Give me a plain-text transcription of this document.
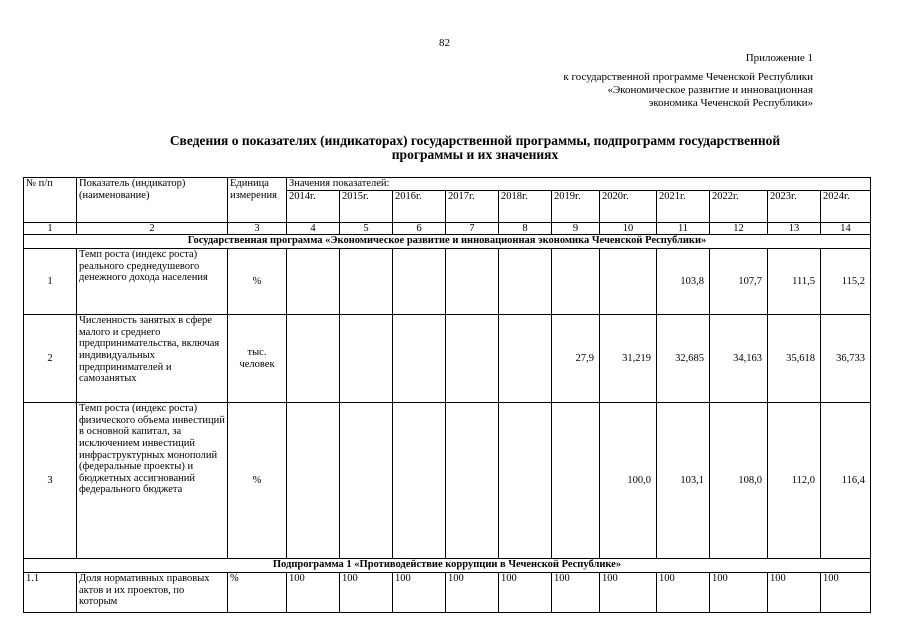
82
Приложение 1
к государственной программе Чеченской Республики «Экономическое развитие и инновационная экономика Чеченской Республики»
Сведения о показателях (индикаторах) государственной программы, подпрограмм государственной программы и их значениях
№ п/п	Показатель (индикатор) (наименование)	Единица измерения	Значения показателей:										
			2014г.	2015г.	2016г.	2017г.	2018г.	2019г.	2020г.	2021г.	2022г.	2023г.	2024г.
1	2	3	4	5	6	7	8	9	10	11	12	13	14
Государственная программа «Экономическое развитие и инновационная экономика Чеченской Республики»													
1	Темп роста (индекс роста) реального среднедушевого денежного дохода населения	%								103,8	107,7	111,5	115,2
2	Численность занятых в сфере малого и среднего предпринимательства, включая индивидуальных предпринимателей и самозанятых	тыс. человек						27,9	31,219	32,685	34,163	35,618	36,733
3	Темп роста (индекс роста) физического объема инвестиций в основной капитал, за исключением инвестиций инфраструктурных монополий (федеральные проекты) и бюджетных ассигнований федерального бюджета	%							100,0	103,1	108,0	112,0	116,4
Подпрограмма 1 «Противодействие коррупции в Чеченской Республике»													
1.1	Доля нормативных правовых актов и их проектов, по которым	%	100	100	100	100	100	100	100	100	100	100	100
